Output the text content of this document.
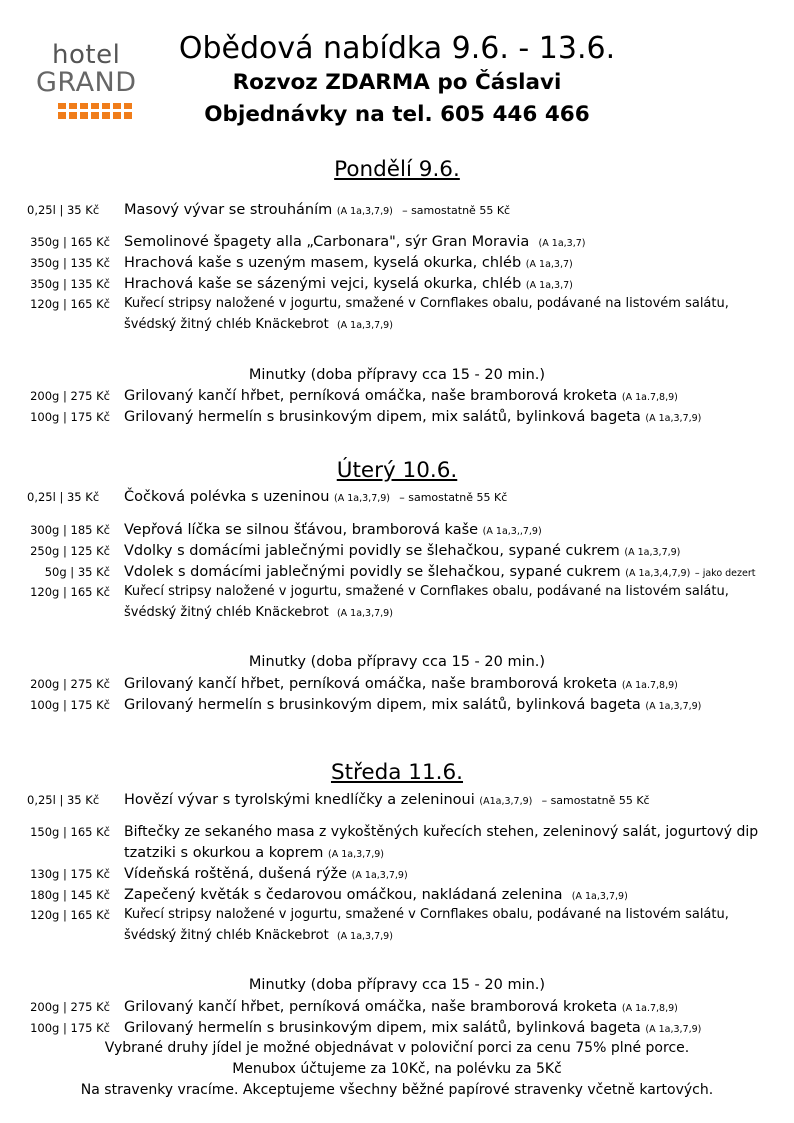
hotel
GRAND
Obědová nabídka 9.6. - 13.6.
Rozvoz ZDARMA po Čáslavi
Objednávky na tel. 605 446 466
Pondělí 9.6.
0,25l | 35 Kč	Masový vývar se strouháním (A 1a,3,7,9) – samostatně 55 Kč
350g | 165 Kč Semolinové špagety alla „Carbonara", sýr Gran Moravia (A 1a,3,7)
350g | 135 Kč Hrachová kaše s uzeným masem, kyselá okurka, chléb (A 1a,3,7)
350g | 135 Kč Hrachová kaše se sázenými vejci, kyselá okurka, chléb (A 1a,3,7)
120g | 165 Kč Kuřecí stripsy naložené v jogurtu, smažené v Cornflakes obalu, podávané na listovém salátu,
švédský žitný chléb Knäckebrot (A 1a,3,7,9)
Minutky (doba přípravy cca 15 - 20 min.)
200g | 275 Kč Grilovaný kančí hřbet, perníková omáčka, naše bramborová kroketa (A 1a.7,8,9)
100g | 175 Kč Grilovaný hermelín s brusinkovým dipem, mix salátů, bylinková bageta (A 1a,3,7,9)
Úterý 10.6.
0,25l | 35 Kč	Čočková polévka s uzeninou (A 1a,3,7,9) – samostatně 55 Kč
300g | 185 Kč Vepřová líčka se silnou šťávou, bramborová kaše (A 1a,3,,7,9)
250g | 125 Kč Vdolky s domácími jablečnými povidly se šlehačkou, sypané cukrem (A 1a,3,7,9)
50g | 35 Kč Vdolek s domácími jablečnými povidly se šlehačkou, sypané cukrem (A 1a,3,4,7,9) – jako dezert
120g | 165 Kč Kuřecí stripsy naložené v jogurtu, smažené v Cornflakes obalu, podávané na listovém salátu,
švédský žitný chléb Knäckebrot (A 1a,3,7,9)
Minutky (doba přípravy cca 15 - 20 min.)
200g | 275 Kč Grilovaný kančí hřbet, perníková omáčka, naše bramborová kroketa (A 1a.7,8,9)
100g | 175 Kč Grilovaný hermelín s brusinkovým dipem, mix salátů, bylinková bageta (A 1a,3,7,9)
Středa 11.6.
0,25l | 35 Kč	Hovězí vývar s tyrolskými knedlíčky a zeleninoui (A1a,3,7,9) – samostatně 55 Kč
150g | 165 Kč Biftečky ze sekaného masa z vykoštěných kuřecích stehen, zeleninový salát, jogurtový dip
tzatziki s okurkou a koprem (A 1a,3,7,9)
130g | 175 Kč Vídeňská roštěná, dušená rýže (A 1a,3,7,9)
180g | 145 Kč Zapečený květák s čedarovou omáčkou, nakládaná zelenina (A 1a,3,7,9)
120g | 165 Kč Kuřecí stripsy naložené v jogurtu, smažené v Cornflakes obalu, podávané na listovém salátu,
švédský žitný chléb Knäckebrot (A 1a,3,7,9)
Minutky (doba přípravy cca 15 - 20 min.)
200g | 275 Kč Grilovaný kančí hřbet, perníková omáčka, naše bramborová kroketa (A 1a.7,8,9)
100g | 175 Kč Grilovaný hermelín s brusinkovým dipem, mix salátů, bylinková bageta (A 1a,3,7,9)
Vybrané druhy jídel je možné objednávat v poloviční porci za cenu 75% plné porce.
Menubox účtujeme za 10Kč, na polévku za 5Kč
Na stravenky vracíme. Akceptujeme všechny běžné papírové stravenky včetně kartových.
